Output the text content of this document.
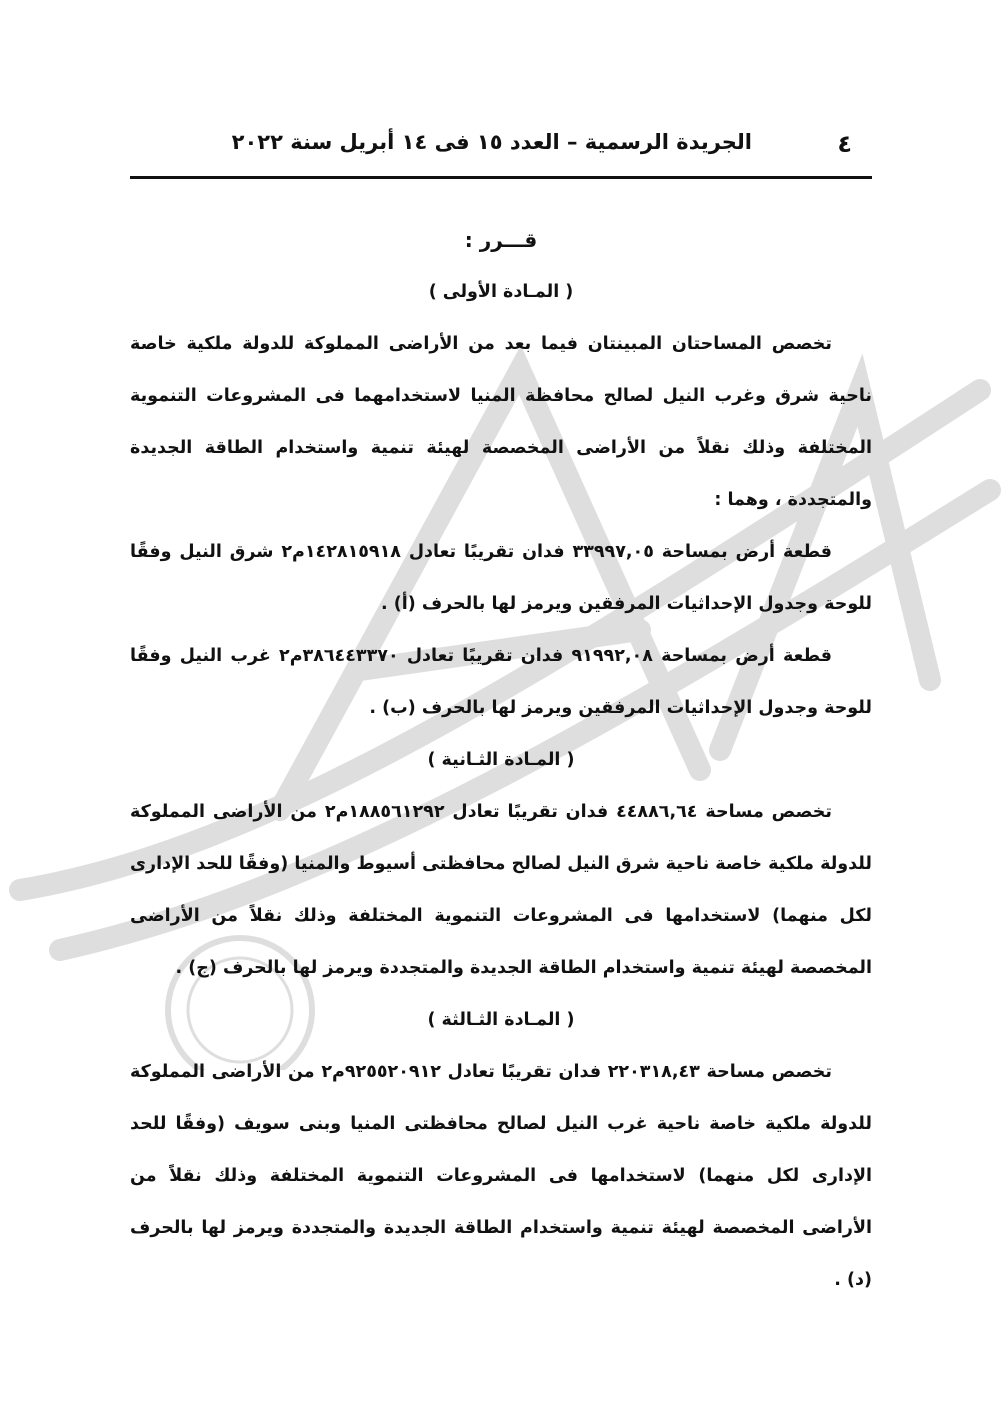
٤
الجريدة الرسمية – العدد ١٥ فى ١٤ أبريل سنة ٢٠٢٢

قـــرر :

( المـادة الأولى )

تخصص المساحتان المبينتان فيما بعد من الأراضى المملوكة للدولة ملكية خاصة ناحية شرق وغرب النيل لصالح محافظة المنيا لاستخدامهما فى المشروعات التنموية المختلفة وذلك نقلاً من الأراضى المخصصة لهيئة تنمية واستخدام الطاقة الجديدة والمتجددة ، وهما :

قطعة أرض بمساحة ٣٣٩٩٧,٠٥ فدان تقريبًا تعادل ١٤٢٨١٥٩١٨م٢ شرق النيل وفقًا للوحة وجدول الإحداثيات المرفقين ويرمز لها بالحرف (أ) .

قطعة أرض بمساحة ٩١٩٩٢,٠٨ فدان تقريبًا تعادل ٣٨٦٤٤٣٣٧٠م٢ غرب النيل وفقًا للوحة وجدول الإحداثيات المرفقين ويرمز لها بالحرف (ب) .

( المـادة الثـانية )

تخصص مساحة ٤٤٨٨٦,٦٤ فدان تقريبًا تعادل ١٨٨٥٦١٢٩٢م٢ من الأراضى المملوكة للدولة ملكية خاصة ناحية شرق النيل لصالح محافظتى أسيوط والمنيا (وفقًا للحد الإدارى لكل منهما) لاستخدامها فى المشروعات التنموية المختلفة وذلك نقلاً من الأراضى المخصصة لهيئة تنمية واستخدام الطاقة الجديدة والمتجددة ويرمز لها بالحرف (ج) .

( المـادة الثـالثة )

تخصص مساحة ٢٢٠٣١٨,٤٣ فدان تقريبًا تعادل ٩٢٥٥٢٠٩١٢م٢ من الأراضى المملوكة للدولة ملكية خاصة ناحية غرب النيل لصالح محافظتى المنيا وبنى سويف (وفقًا للحد الإدارى لكل منهما) لاستخدامها فى المشروعات التنموية المختلفة وذلك نقلاً من الأراضى المخصصة لهيئة تنمية واستخدام الطاقة الجديدة والمتجددة ويرمز لها بالحرف (د) .
